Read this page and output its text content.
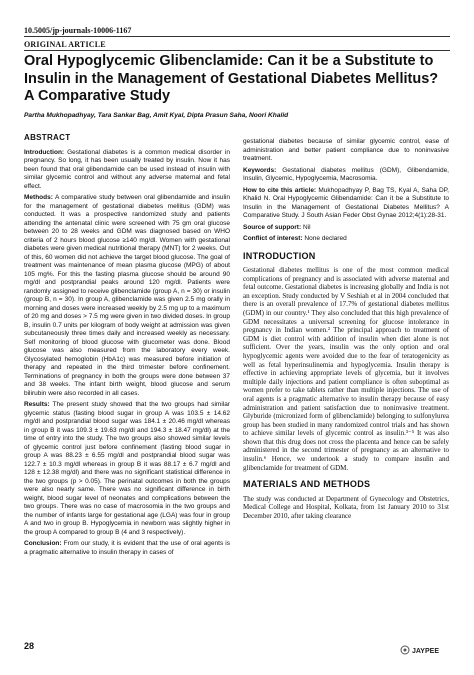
10.5005/jp-journals-10006-1167
ORIGINAL ARTICLE
Oral Hypoglycemic Glibenclamide: Can it be a Substitute to Insulin in the Management of Gestational Diabetes Mellitus? A Comparative Study
Partha Mukhopadhyay, Tara Sankar Bag, Amit Kyal, Dipta Prasun Saha, Noori Khalid
ABSTRACT

Introduction: Gestational diabetes is a common medical disorder in pregnancy. So long, it has been usually treated by insulin. Now it has been found that oral glibendamide can be used instead of insulin with similar glycemic control and without any adverse maternal and fetal effect.

Methods: A comparative study between oral glibendamide and insulin for the management of gestational diabetes mellitus (GDM) was conducted. It was a prospective randomized study and patients attending the antenatal clinic were screened with 75 gm oral glucose between 20 to 28 weeks and GDM was diagnosed based on WHO criteria of 2 hours blood glucose ≥140 mg/dl. Women with gestational diabetes were given medical nutritional therapy (MNT) for 2 weeks. Out of this, 60 women did not achieve the target blood glucose. The goal of treatment was maintenance of mean plasma glucose (MPG) of about 105 mg%. For this the fasting plasma glucose should be around 90 mg/dl and postprandial peaks around 120 mg/dl. Patients were randomly assigned to receive glibenclamide (group A, n = 30) or insulin (group B, n = 30). In group A, glibenclamide was given 2.5 mg orally in morning and doses were increased weekly by 2.5 mg up to a maximum of 20 mg and doses > 7.5 mg were given in two divided doses. In group B, insulin 0.7 units per kilogram of body weight at admission was given subcutaneously three times daily and increased weekly as necessary. Self monitoring of blood glucose with glucometer was done. Blood glucose was also measured from the laboratory every week. Glycosylated hemoglobin (HbA1c) was measured before initiation of therapy and repeated in the third trimester before confinement. Terminations of pregnancy in both the groups were done between 37 and 38 weeks. The infant birth weight, blood glucose and serum bilirubin were also recorded in all cases.

Results: The present study showed that the two groups had similar glycemic status (fasting blood sugar in group A was 103.5 ± 14.62 mg/dl and postprandial blood sugar was 184.1 ± 20.46 mg/dl whereas in group B it was 109.3 ± 19.63 mg/dl and 194.3 ± 18.47 mg/dl) at the time of entry into the study. The two groups also showed similar levels of glycemic control just before confinement (fasting blood sugar in group A was 88.23 ± 6.55 mg/dl and postprandial blood sugar was 122.7 ± 10.3 mg/dl whereas in group B it was 88.17 ± 6.7 mg/dl and 128 ± 12.38 mg/dl) and there was no significant statistical difference in the two groups (p > 0.05). The perinatal outcomes in both the groups were also nearly same. There was no significant difference in birth weight, blood sugar level of neonates and complications between the two groups. There was no case of macrosomia in the two groups and the number of infants large for gestational age (LGA) was four in group A and two in group B. Hypoglycemia in newborn was slightly higher in the group A compared to group B (4 and 3 respectively).

Conclusion: From our study, it is evident that the use of oral agents is a pragmatic alternative to insulin therapy in cases of

gestational diabetes because of similar glycemic control, ease of administration and better patient compliance due to noninvasive treatment.

Keywords: Gestational diabetes mellitus (GDM), Glibendamide, Insulin, Glycemic, Hypoglycemia, Macrosomia.

How to cite this article: Mukhopadhyay P, Bag TS, Kyal A, Saha DP, Khalid N. Oral Hypoglycemic Glibendamide: Can it be a Substitute to Insulin in the Management of Gestational Diabetes Mellitus? A Comparative Study. J South Asian Feder Obst Gynae 2012;4(1):28-31.

Source of support: Nil

Conflict of interest: None declared

INTRODUCTION

Gestational diabetes mellitus is one of the most common medical complications of pregnancy and is associated with adverse maternal and fetal outcome. Gestational diabetes is increasing globally and India is not an exception. Study conducted by V Seshiah et al in 2004 concluded that there is an overall prevalence of 17.7% of gestational diabetes mellitus (GDM) in our country.¹ They also concluded that this high prevalence of GDM necessitates a universal screening for glucose intolerance in pregnancy in Indian women.² The principal approach to treatment of GDM is diet control with addition of insulin when diet alone is not sufficient. Over the years, insulin was the only option and oral hypoglycemic agents were avoided due to the fear of teratogenicity as well as fetal hyperinsulinemia and hypoglycemia. Insulin therapy is effective in achieving appropriate levels of glycemia, but it involves multiple daily injections and patient compliance is often suboptimal as women prefer to take tablets rather than multiple injections. The use of oral agents is a pragmatic alternative to insulin therapy because of easy administration and patient satisfaction due to noninvasive treatment. Glyburide (micronized form of glibenclamide) belonging to sulfonylurea group has been studied in many randomized control trials and has shown to achieve similar levels of glycemic control as insulin.³⁻⁵ It was also shown that this drug does not cross the placenta and hence can be safely administered in the second trimester of pregnancy as an alternative to insulin.⁶ Hence, we undertook a study to compare insulin and glibenclamide for treatment of GDM.

MATERIALS AND METHODS

The study was conducted at Department of Gynecology and Obstetrics, Medical College and Hospital, Kolkata, from 1st January 2010 to 31st December 2010, after taking clearance

28
JAYPEE
